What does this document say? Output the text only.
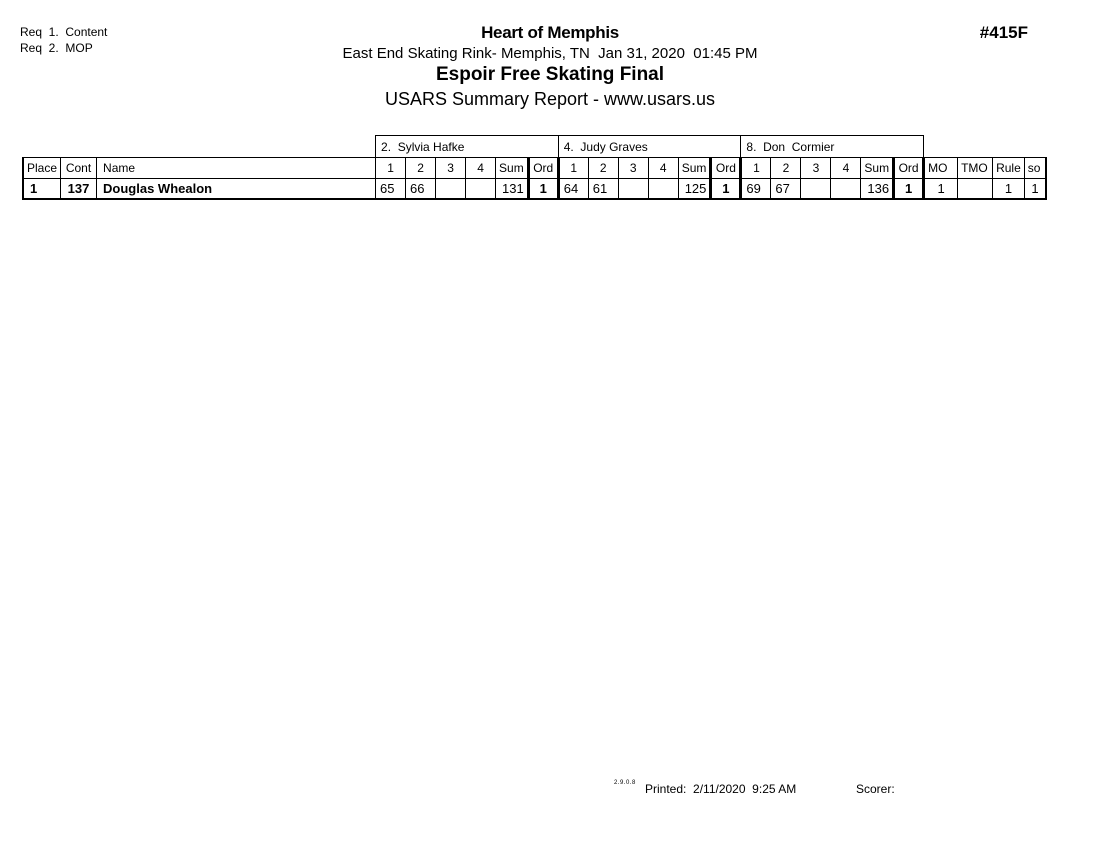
Req  1.  Content
Req  2.  MOP
Heart of Memphis
East End Skating Rink- Memphis, TN  Jan 31, 2020  01:45 PM
Espoir Free Skating Final
USARS Summary Report - www.usars.us
#415F
			2.  Sylvia Hafke						4.  Judy Graves						8.  Don  Cormier									
Place	Cont	Name	1	2	3	4	Sum	Ord	1	2	3	4	Sum	Ord	1	2	3	4	Sum	Ord	MO	TMO	Rule	so
1	137	Douglas Whealon	65	66			131	1	64	61			125	1	69	67			136	1	1		1	1
2.9.0.8 Printed:  2/11/2020  9:25 AM	Scorer:
